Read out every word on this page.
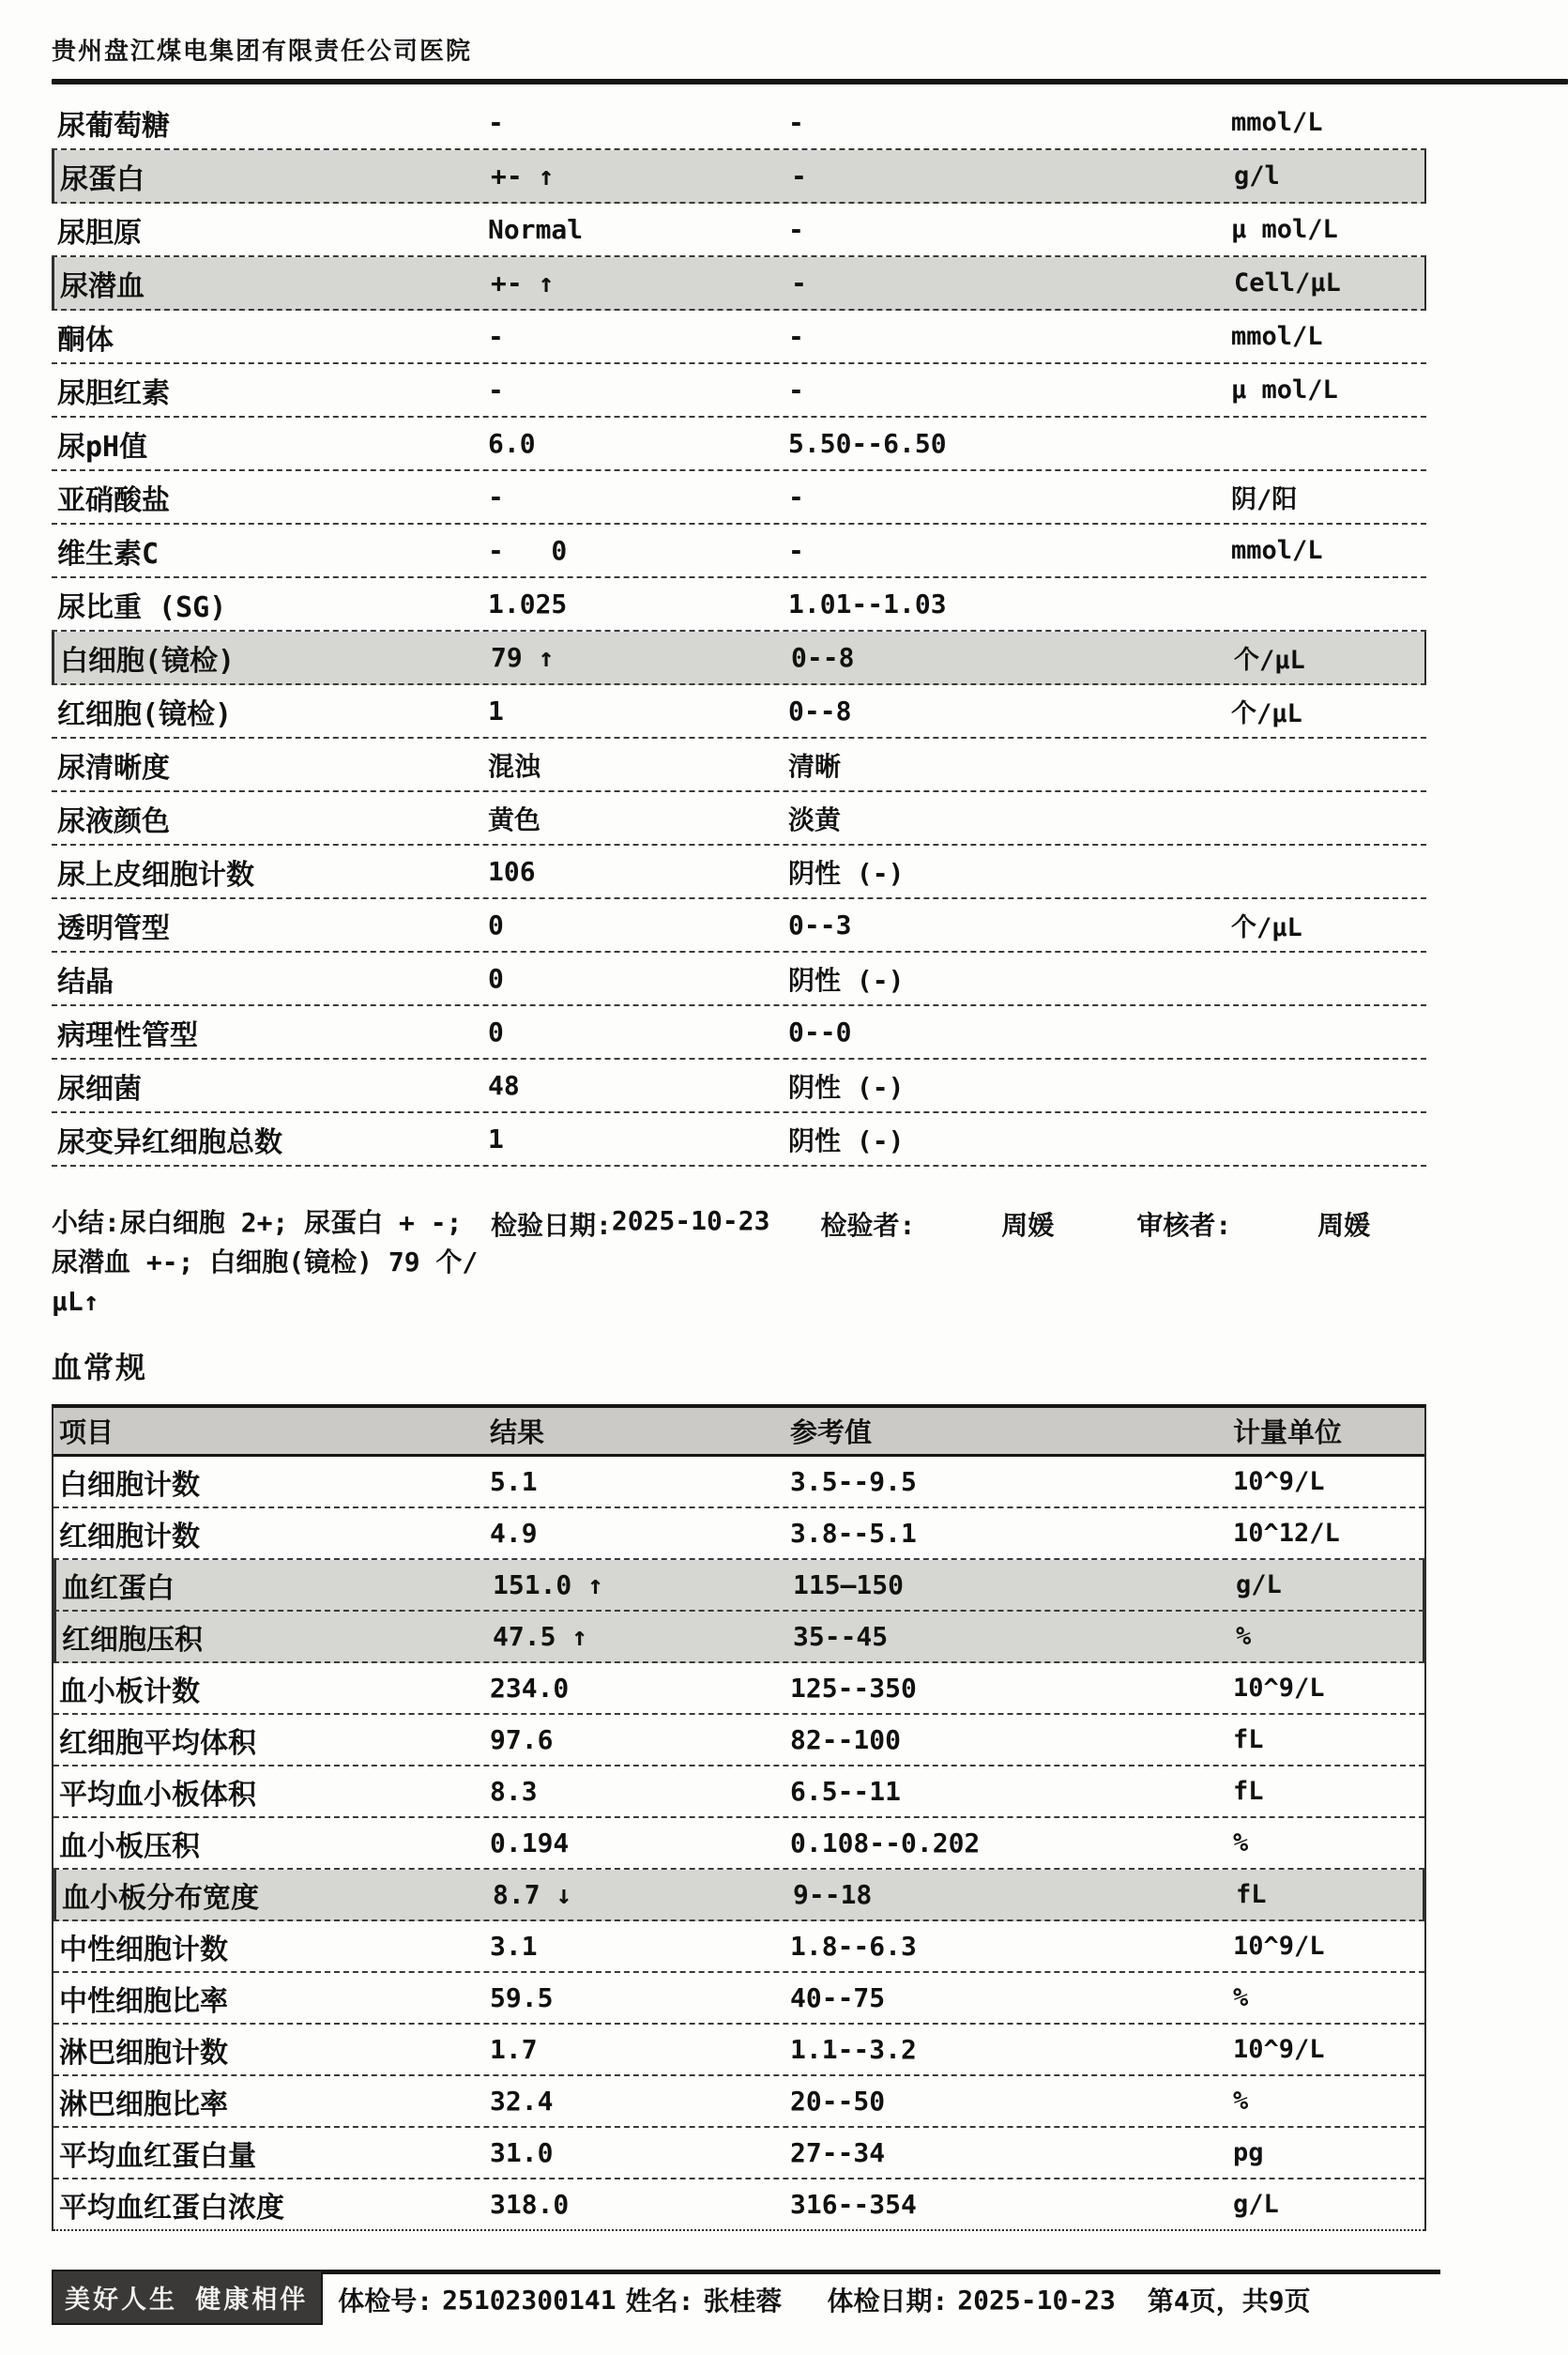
贵州盘江煤电集团有限责任公司医院
尿葡萄糖	-	-	mmol/L
尿蛋白	+- ↑	-	g/l
尿胆原	Normal	-	μ mol/L
尿潜血	+- ↑	-	Cell/μL
酮体	-	-	mmol/L
尿胆红素	-	-	μ mol/L
尿pH值	6.0	5.50--6.50
亚硝酸盐	-	-	阴/阳
维生素C	-   0	-	mmol/L
尿比重 (SG)	1.025	1.01--1.03
白细胞(镜检)	79 ↑	0--8	个/μL
红细胞(镜检)	1	0--8	个/μL
尿清晰度	混浊	清晰
尿液颜色	黄色	淡黄
尿上皮细胞计数	106	阴性 (-)
透明管型	0	0--3	个/μL
结晶	0	阴性 (-)
病理性管型	0	0--0
尿细菌	48	阴性 (-)
尿变异红细胞总数	1	阴性 (-)
小结:尿白细胞 2+; 尿蛋白 + -; 尿潜血 +-; 白细胞(镜检) 79 个/μL↑
检验日期: 2025-10-23 检验者:	周媛	审核者:	周媛
血常规
项目	结果	参考值	计量单位
白细胞计数	5.1	3.5--9.5	10^9/L
红细胞计数	4.9	3.8--5.1	10^12/L
血红蛋白	151.0 ↑	115—150	g/L
红细胞压积	47.5 ↑	35--45	%
血小板计数	234.0	125--350	10^9/L
红细胞平均体积	97.6	82--100	fL
平均血小板体积	8.3	6.5--11	fL
血小板压积	0.194	0.108--0.202	%
血小板分布宽度	8.7 ↓	9--18	fL
中性细胞计数	3.1	1.8--6.3	10^9/L
中性细胞比率	59.5	40--75	%
淋巴细胞计数	1.7	1.1--3.2	10^9/L
淋巴细胞比率	32.4	20--50	%
平均血红蛋白量	31.0	27--34	pg
平均血红蛋白浓度	318.0	316--354	g/L
美好人生 健康相伴	体检号: 25102300141 姓名: 张桂蓉 体检日期: 2025-10-23 第4页，共9页
